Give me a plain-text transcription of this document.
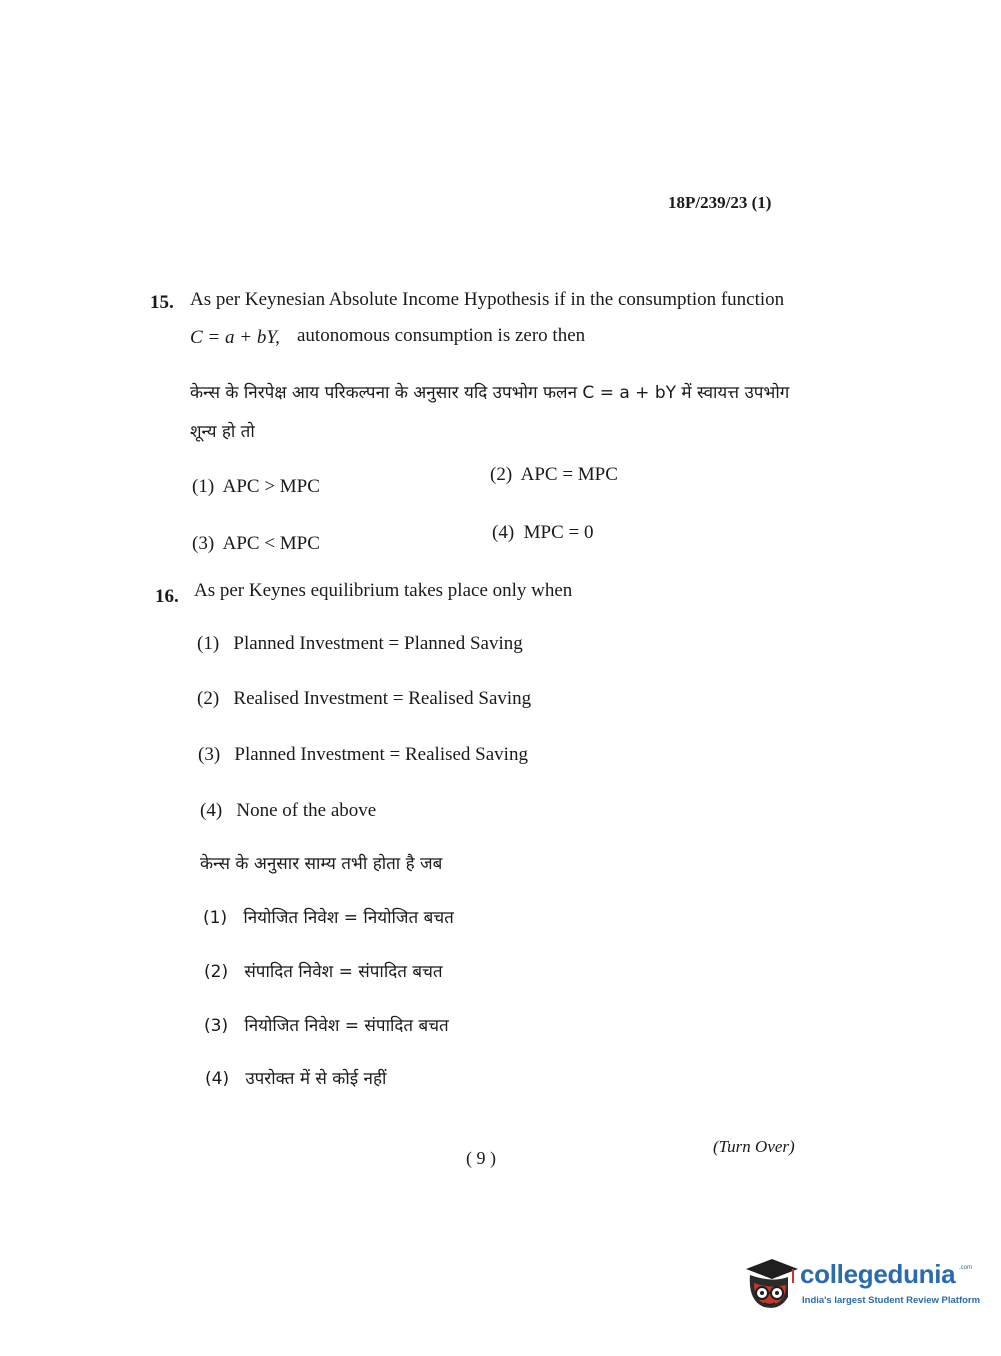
18P/239/23 (1)
15. As per Keynesian Absolute Income Hypothesis if in the consumption function
C = a + bY, autonomous consumption is zero then
केन्स के निरपेक्ष आय परिकल्पना के अनुसार यदि उपभोग फलन C = a + bY में स्वायत्त उपभोग
शून्य हो तो
(1) APC > MPC
(2) APC = MPC
(3) APC < MPC
(4) MPC = 0
16. As per Keynes equilibrium takes place only when
(1) Planned Investment = Planned Saving
(2) Realised Investment = Realised Saving
(3) Planned Investment = Realised Saving
(4) None of the above
केन्स के अनुसार साम्य तभी होता है जब
(1) नियोजित निवेश = नियोजित बचत
(2) संपादित निवेश = संपादित बचत
(3) नियोजित निवेश = संपादित बचत
(4) उपरोक्त में से कोई नहीं
( 9 )
(Turn Over)
collegedunia .com
India's largest Student Review Platform
